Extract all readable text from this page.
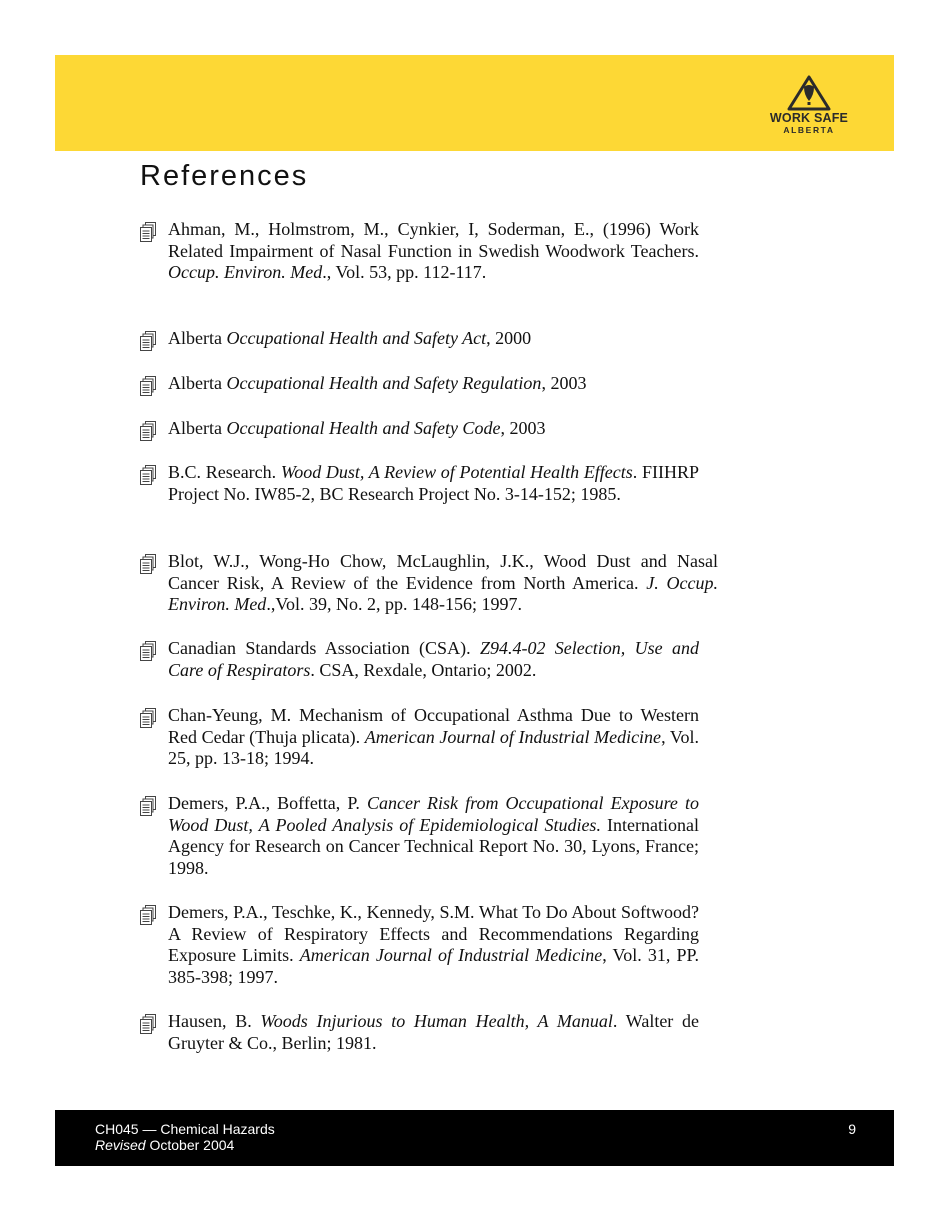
WORK SAFE
ALBERTA
References
Ahman, M., Holmstrom, M., Cynkier, I, Soderman, E., (1996) Work Related Impairment of Nasal Function in Swedish Woodwork Teachers. Occup. Environ. Med., Vol. 53, pp. 112-117.
Alberta Occupational Health and Safety Act, 2000
Alberta Occupational Health and Safety Regulation, 2003
Alberta Occupational Health and Safety Code, 2003
B.C. Research. Wood Dust, A Review of Potential Health Effects. FIIHRP Project No. IW85-2, BC Research Project No. 3-14-152; 1985.
Blot, W.J., Wong-Ho Chow, McLaughlin, J.K., Wood Dust and Nasal Cancer Risk, A Review of the Evidence from North America. J. Occup. Environ. Med.,Vol. 39, No. 2, pp. 148-156; 1997.
Canadian Standards Association (CSA). Z94.4-02 Selection, Use and Care of Respirators. CSA, Rexdale, Ontario; 2002.
Chan-Yeung, M. Mechanism of Occupational Asthma Due to Western Red Cedar (Thuja plicata). American Journal of Industrial Medicine, Vol. 25, pp. 13-18; 1994.
Demers, P.A., Boffetta, P. Cancer Risk from Occupational Exposure to Wood Dust, A Pooled Analysis of Epidemiological Studies. International Agency for Research on Cancer Technical Report No. 30, Lyons, France; 1998.
Demers, P.A., Teschke, K., Kennedy, S.M. What To Do About Softwood? A Review of Respiratory Effects and Recommendations Regarding Exposure Limits. American Journal of Industrial Medicine, Vol. 31, PP. 385-398; 1997.
Hausen, B. Woods Injurious to Human Health, A Manual. Walter de Gruyter & Co., Berlin; 1981.
CH045 — Chemical Hazards
Revised October 2004
9
